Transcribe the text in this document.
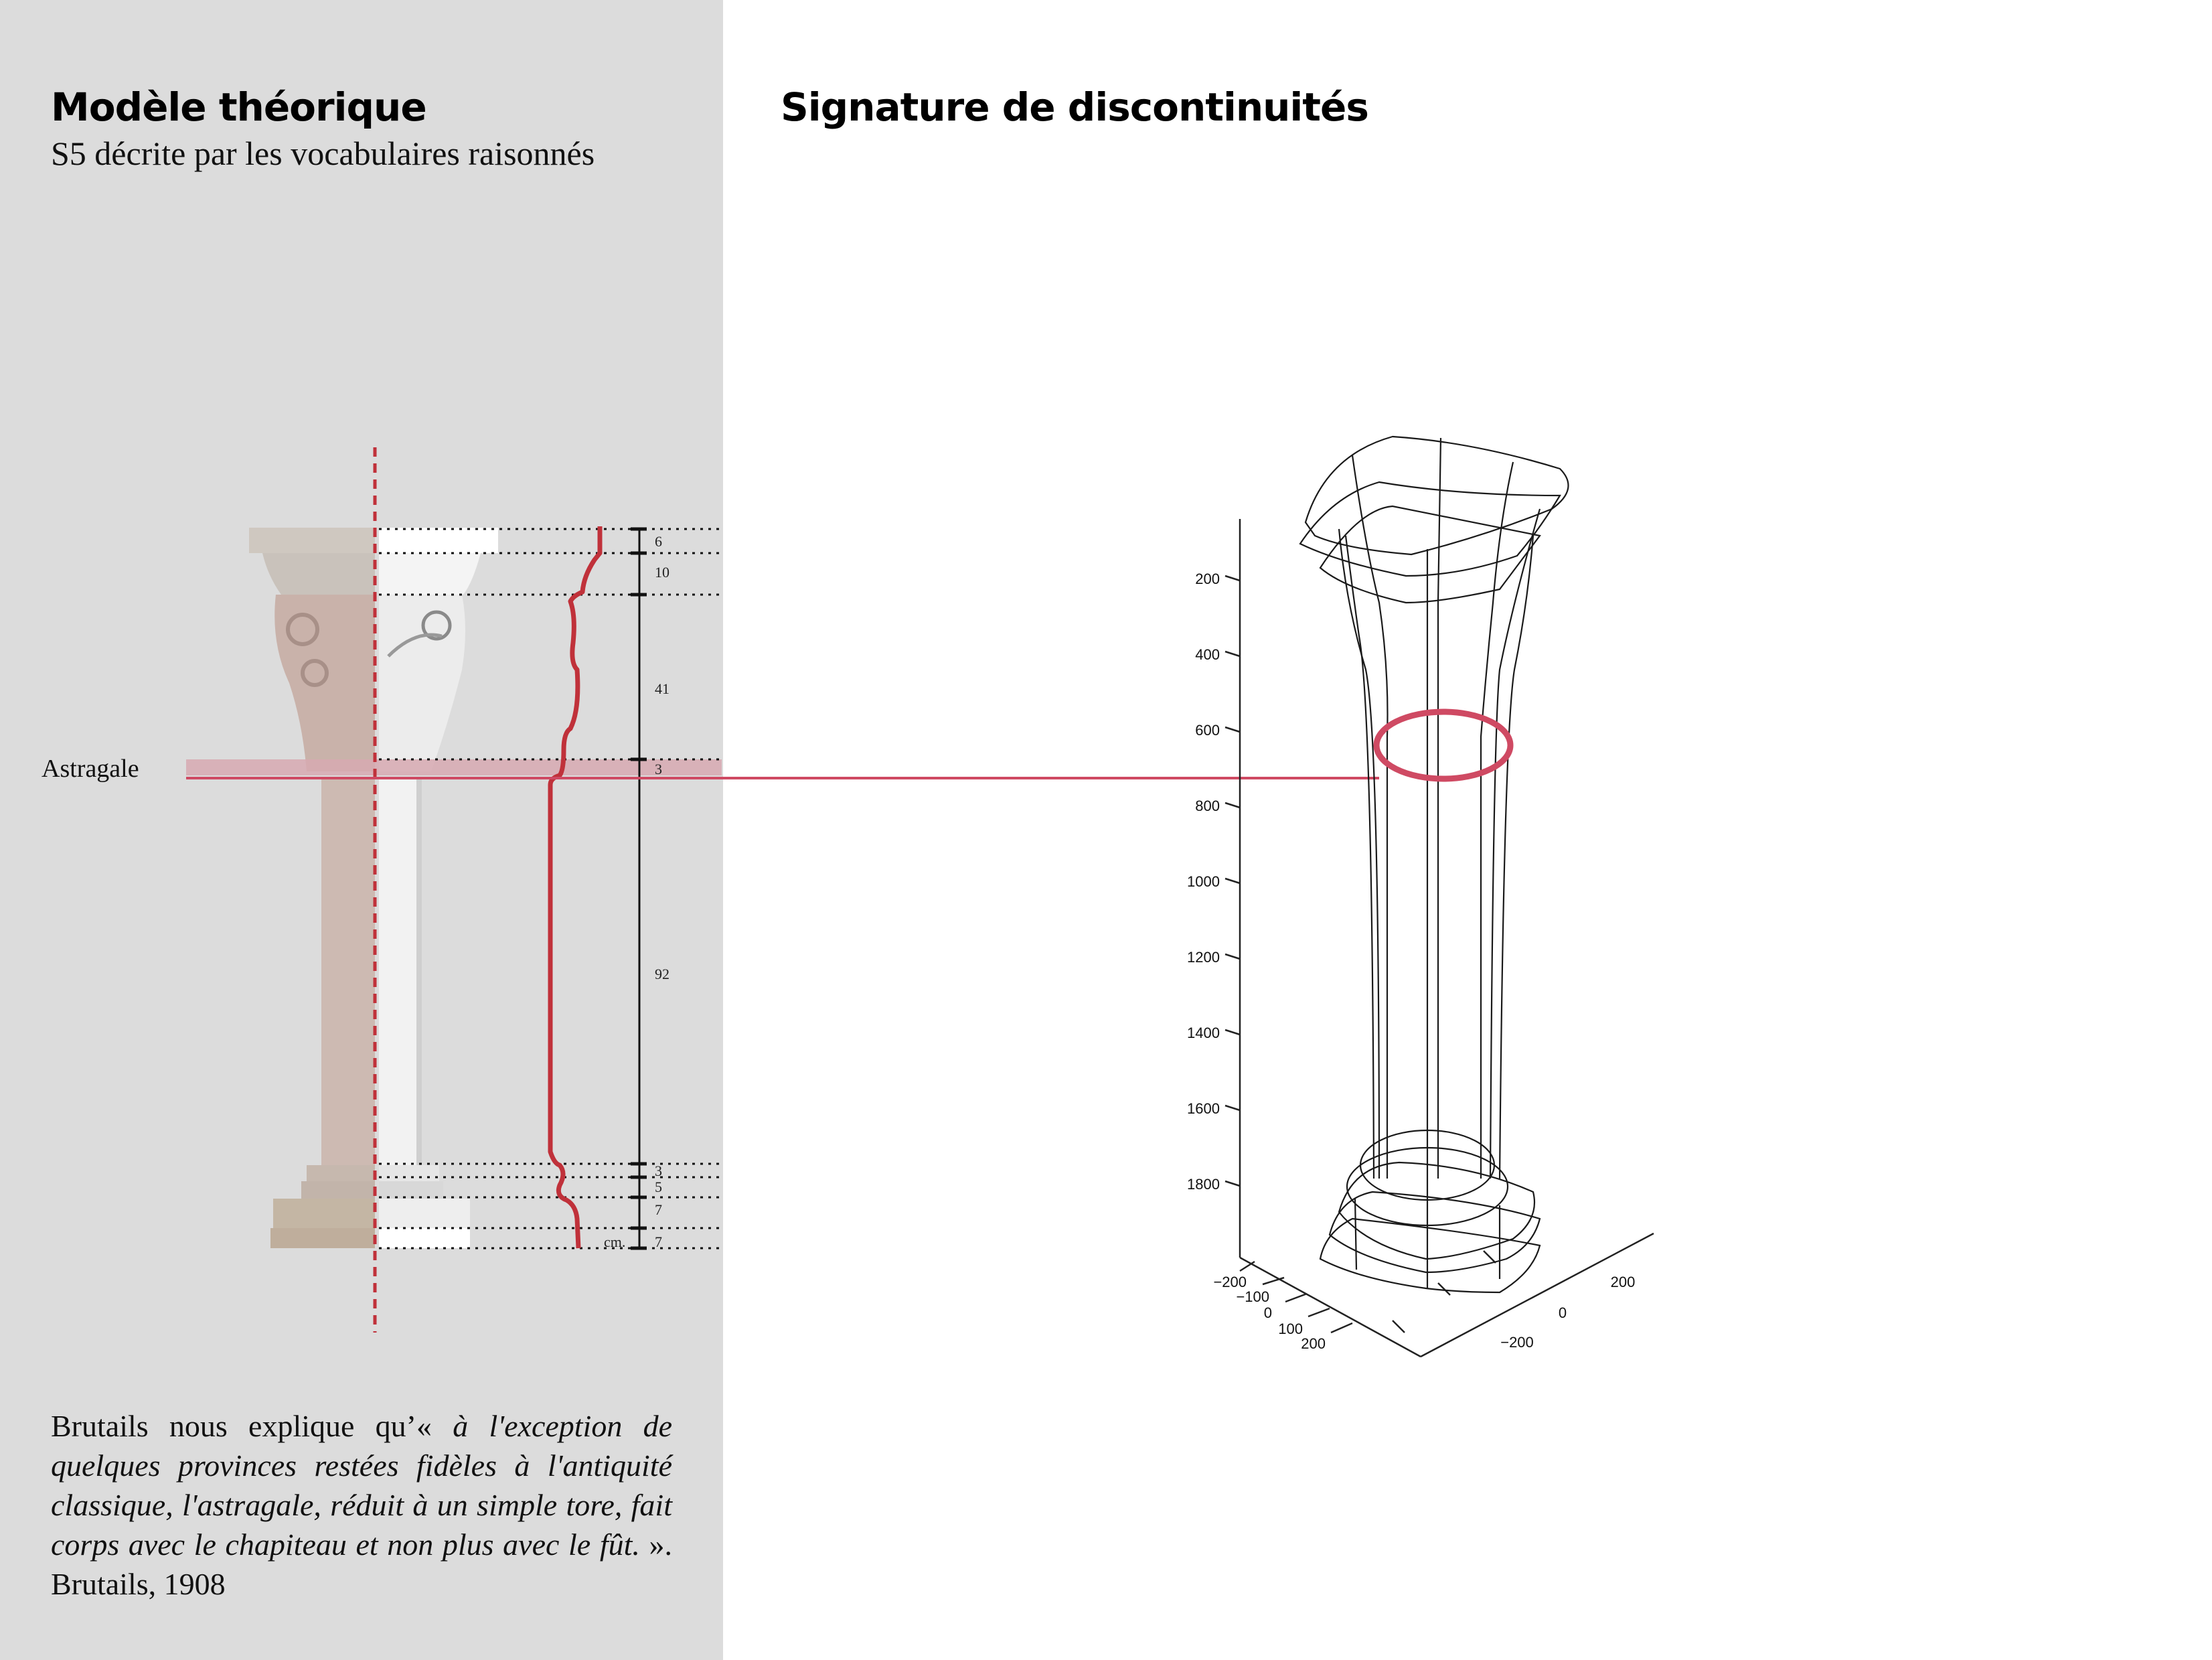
Modèle théorique
S5 décrite par les vocabulaires raisonnés
Signature de discontinuités
Astragale
6
10
41
3
92
3
5
7
7
cm.
200
400
600
800
1000
1200
1400
1600
1800
−200
−100
0
100
200	−200
0
200
Brutails nous explique qu’« à l'exception de quelques provinces restées fidèles à l'antiquité classique, l'astragale, réduit à un simple tore, fait corps avec le chapiteau et non plus avec le fût. ». Brutails, 1908
